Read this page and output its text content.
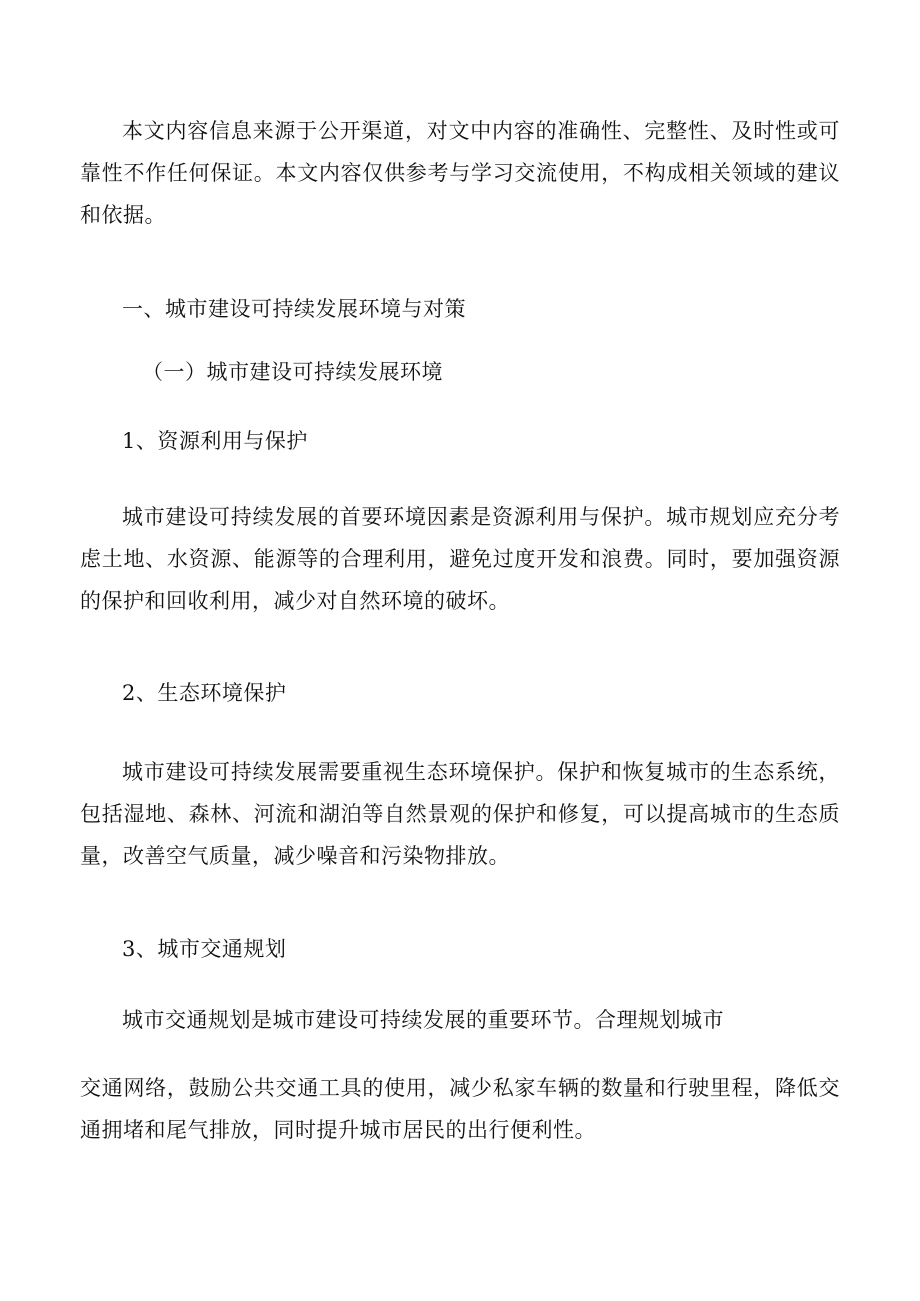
本文内容信息来源于公开渠道，对文中内容的准确性、完整性、及时性或可靠性不作任何保证。本文内容仅供参考与学习交流使用，不构成相关领域的建议和依据。

一、城市建设可持续发展环境与对策

（一）城市建设可持续发展环境

1、资源利用与保护

城市建设可持续发展的首要环境因素是资源利用与保护。城市规划应充分考虑土地、水资源、能源等的合理利用，避免过度开发和浪费。同时，要加强资源的保护和回收利用，减少对自然环境的破坏。

2、生态环境保护

城市建设可持续发展需要重视生态环境保护。保护和恢复城市的生态系统，包括湿地、森林、河流和湖泊等自然景观的保护和修复，可以提高城市的生态质量，改善空气质量，减少噪音和污染物排放。

3、城市交通规划

城市交通规划是城市建设可持续发展的重要环节。合理规划城市

交通网络，鼓励公共交通工具的使用，减少私家车辆的数量和行驶里程，降低交通拥堵和尾气排放，同时提升城市居民的出行便利性。
